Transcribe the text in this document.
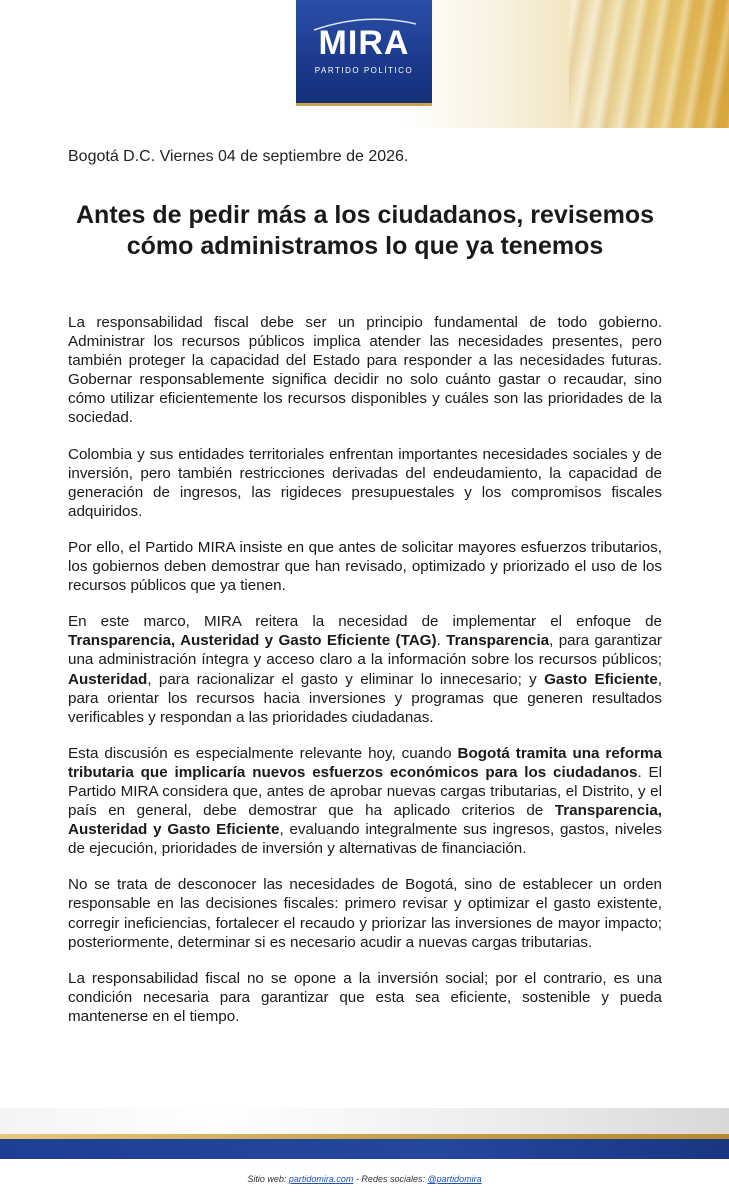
MIRA
PARTIDO POLÍTICO
Bogotá D.C. Viernes 04 de septiembre de 2026.
Antes de pedir más a los ciudadanos, revisemos cómo administramos lo que ya tenemos

La responsabilidad fiscal debe ser un principio fundamental de todo gobierno. Administrar los recursos públicos implica atender las necesidades presentes, pero también proteger la capacidad del Estado para responder a las necesidades futuras. Gobernar responsablemente significa decidir no solo cuánto gastar o recaudar, sino cómo utilizar eficientemente los recursos disponibles y cuáles son las prioridades de la sociedad.

Colombia y sus entidades territoriales enfrentan importantes necesidades sociales y de inversión, pero también restricciones derivadas del endeudamiento, la capacidad de generación de ingresos, las rigideces presupuestales y los compromisos fiscales adquiridos.

Por ello, el Partido MIRA insiste en que antes de solicitar mayores esfuerzos tributarios, los gobiernos deben demostrar que han revisado, optimizado y priorizado el uso de los recursos públicos que ya tienen.

En este marco, MIRA reitera la necesidad de implementar el enfoque de Transparencia, Austeridad y Gasto Eficiente (TAG). Transparencia, para garantizar una administración íntegra y acceso claro a la información sobre los recursos públicos; Austeridad, para racionalizar el gasto y eliminar lo innecesario; y Gasto Eficiente, para orientar los recursos hacia inversiones y programas que generen resultados verificables y respondan a las prioridades ciudadanas.

Esta discusión es especialmente relevante hoy, cuando Bogotá tramita una reforma tributaria que implicaría nuevos esfuerzos económicos para los ciudadanos. El Partido MIRA considera que, antes de aprobar nuevas cargas tributarias, el Distrito, y el país en general, debe demostrar que ha aplicado criterios de Transparencia, Austeridad y Gasto Eficiente, evaluando integralmente sus ingresos, gastos, niveles de ejecución, prioridades de inversión y alternativas de financiación.

No se trata de desconocer las necesidades de Bogotá, sino de establecer un orden responsable en las decisiones fiscales: primero revisar y optimizar el gasto existente, corregir ineficiencias, fortalecer el recaudo y priorizar las inversiones de mayor impacto; posteriormente, determinar si es necesario acudir a nuevas cargas tributarias.

La responsabilidad fiscal no se opone a la inversión social; por el contrario, es una condición necesaria para garantizar que esta sea eficiente, sostenible y pueda mantenerse en el tiempo.

Sitio web: partidomira.com - Redes sociales: @partidomira
